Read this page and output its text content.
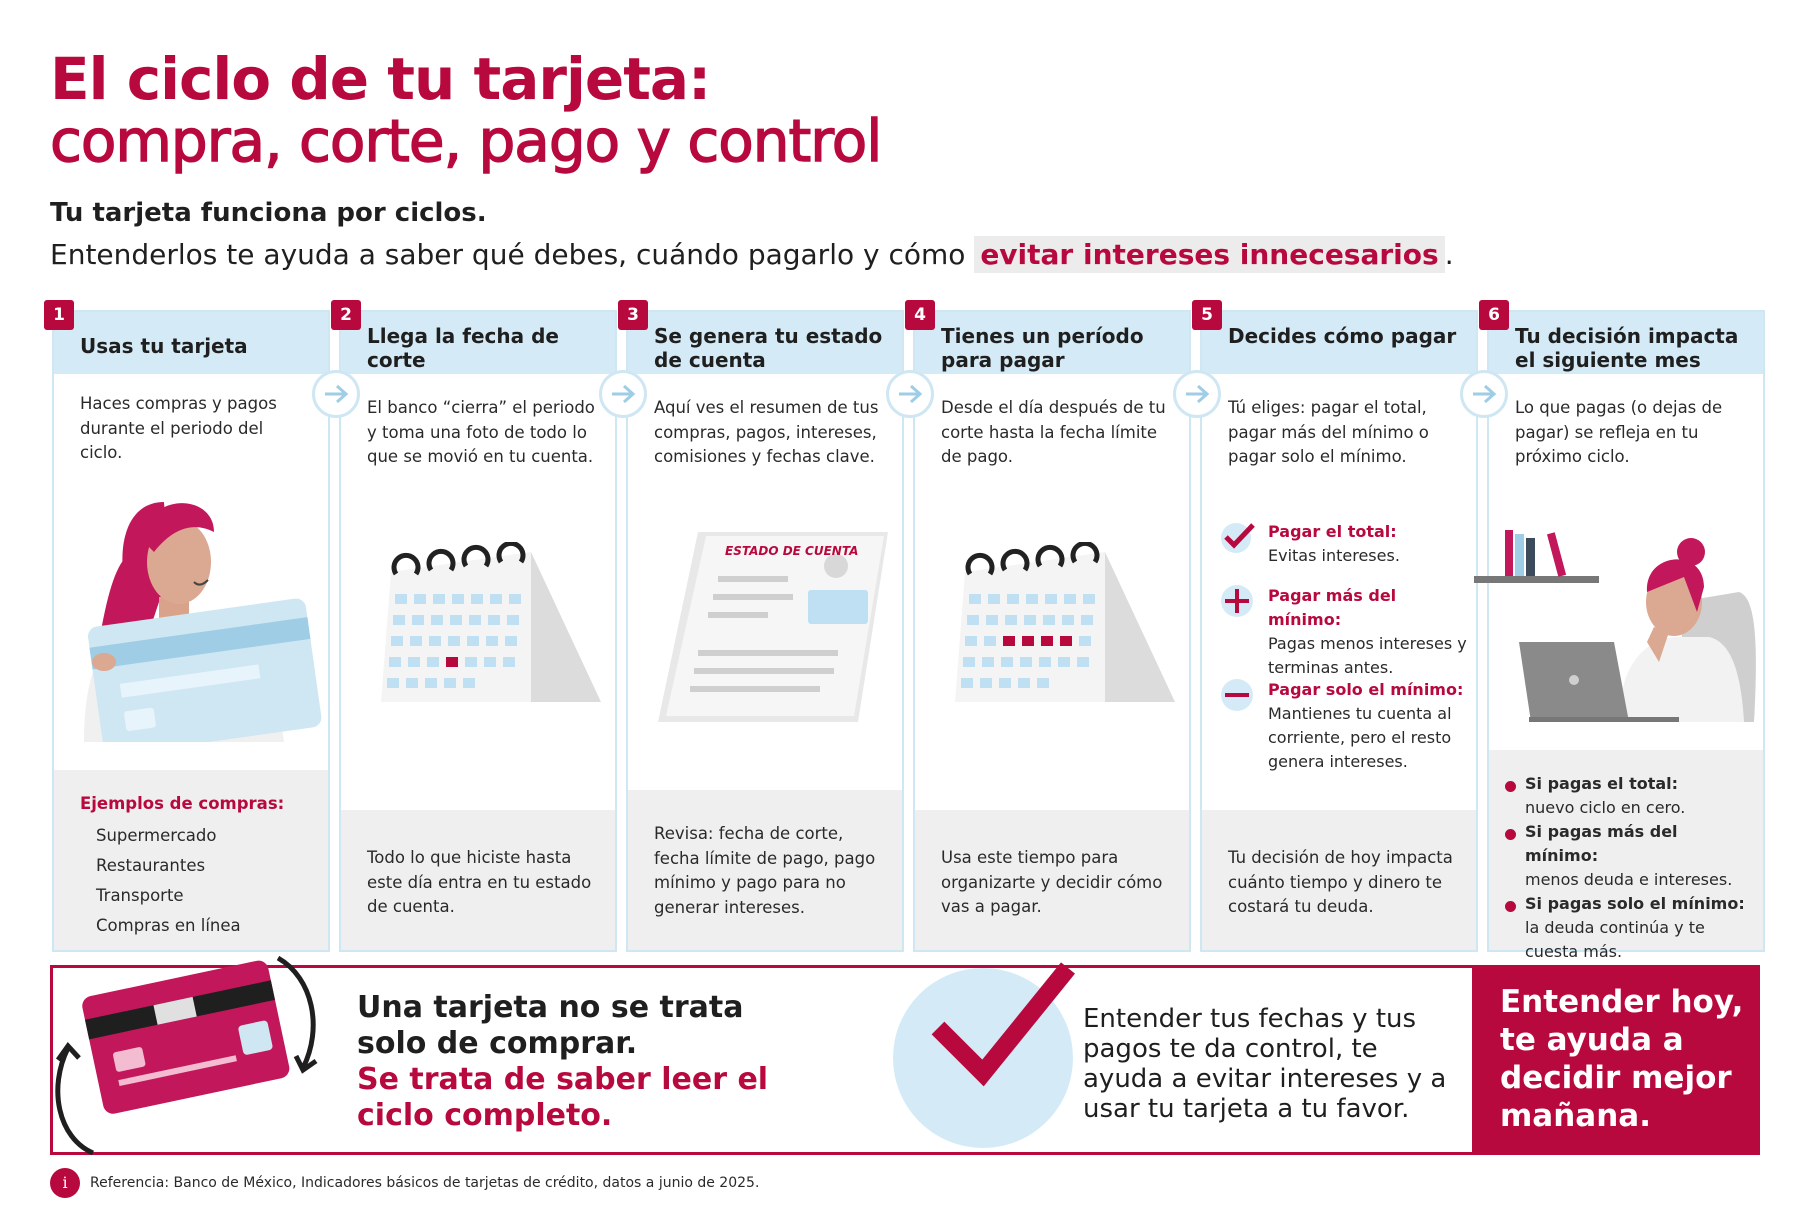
El ciclo de tu tarjeta:
compra, corte, pago y control
Tu tarjeta funciona por ciclos.
Entenderlos te ayuda a saber qué debes, cuándo pagarlo y cómo evitar intereses innecesarios .
1
Usas tu tarjeta
Haces compras y pagos durante el periodo del ciclo.
Ejemplos de compras:
Supermercado
Restaurantes
Transporte
Compras en línea
2
Llega la fecha de corte
El banco “cierra” el periodo y toma una foto de todo lo que se movió en tu cuenta.
Todo lo que hiciste hasta este día entra en tu estado de cuenta.
3
Se genera tu estado de cuenta
Aquí ves el resumen de tus compras, pagos, intereses, comisiones y fechas clave.
ESTADO DE CUENTA
Revisa: fecha de corte, fecha límite de pago, pago mínimo y pago para no generar intereses.
4
Tienes un período para pagar
Desde el día después de tu corte hasta la fecha límite de pago.
Usa este tiempo para organizarte y decidir cómo vas a pagar.
5
Decides cómo pagar
Tú eliges: pagar el total, pagar más del mínimo o pagar solo el mínimo.
Pagar el total:
Evitas intereses.
Pagar más del mínimo:
Pagas menos intereses y terminas antes.
Pagar solo el mínimo:
Mantienes tu cuenta al corriente, pero el resto genera intereses.
Tu decisión de hoy impacta cuánto tiempo y dinero te costará tu deuda.
6
Tu decisión impacta el siguiente mes
Lo que pagas (o dejas de pagar) se refleja en tu próximo ciclo.
Si pagas el total:
nuevo ciclo en cero.
Si pagas más del mínimo:
menos deuda e intereses.
Si pagas solo el mínimo:
la deuda continúa y te cuesta más.
Una tarjeta no se trata solo de comprar.
Se trata de saber leer el ciclo completo.
Entender tus fechas y tus pagos te da control, te ayuda a evitar intereses y a usar tu tarjeta a tu favor.
Entender hoy, te ayuda a decidir mejor mañana.
i	Referencia: Banco de México, Indicadores básicos de tarjetas de crédito, datos a junio de 2025.
